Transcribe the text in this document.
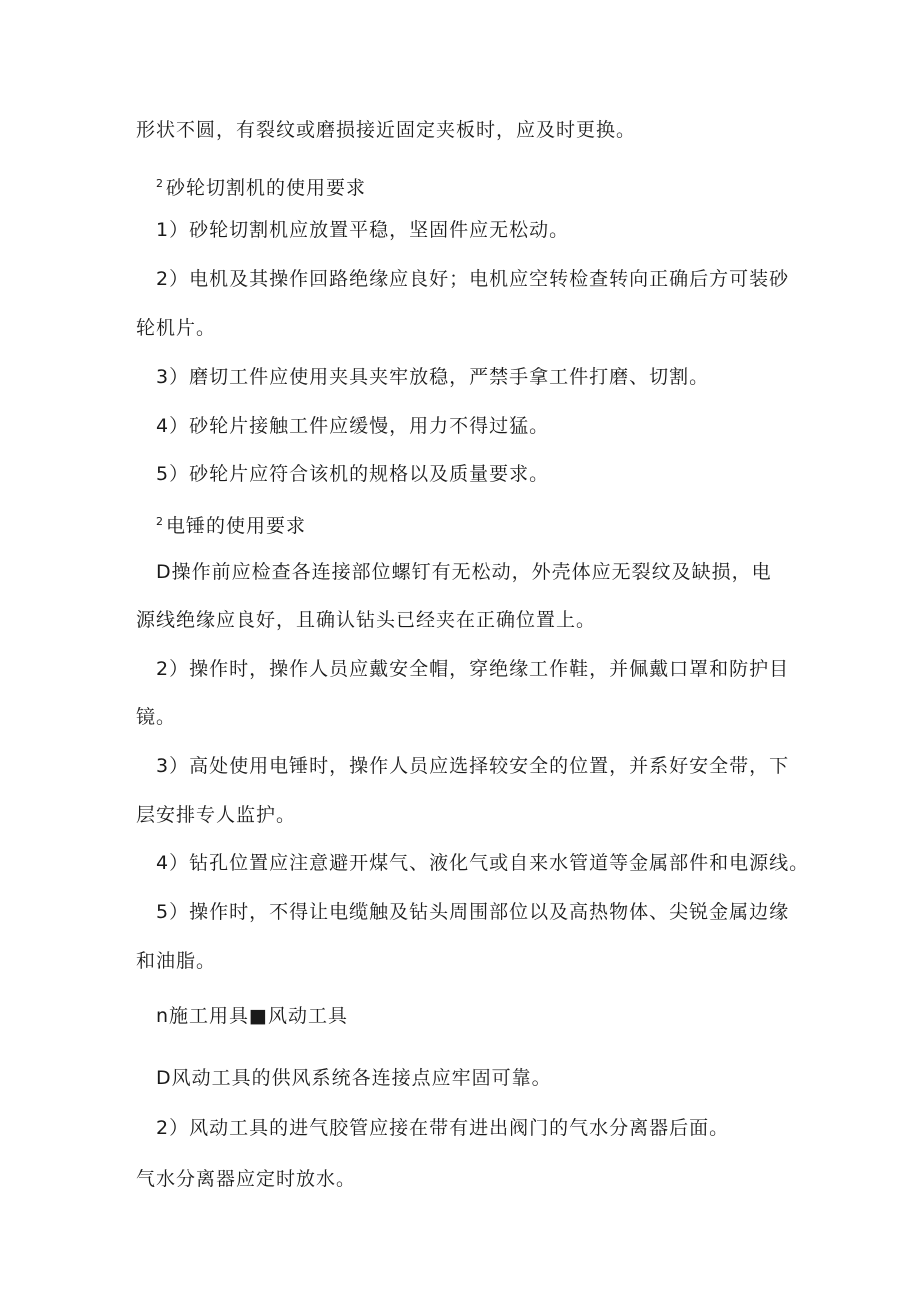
形状不圆，有裂纹或磨损接近固定夹板时，应及时更换。
$^2$ 砂轮切割机的使用要求
1）砂轮切割机应放置平稳，坚固件应无松动。
2）电机及其操作回路绝缘应良好；电机应空转检查转向正确后方可装砂
轮机片。
3）磨切工件应使用夹具夹牢放稳，严禁手拿工件打磨、切割。
4）砂轮片接触工件应缓慢，用力不得过猛。
5）砂轮片应符合该机的规格以及质量要求。
$^2$ 电锤的使用要求
D操作前应检查各连接部位螺钉有无松动，外壳体应无裂纹及缺损，电
源线绝缘应良好，且确认钻头已经夹在正确位置上。
2）操作时，操作人员应戴安全帽，穿绝缘工作鞋，并佩戴口罩和防护目
镜。
3）高处使用电锤时，操作人员应选择较安全的位置，并系好安全带，下
层安排专人监护。
4）钻孔位置应注意避开煤气、液化气或自来水管道等金属部件和电源线。
5）操作时，不得让电缆触及钻头周围部位以及高热物体、尖锐金属边缘
和油脂。
n施工用具■风动工具
D风动工具的供风系统各连接点应牢固可靠。
2）风动工具的进气胶管应接在带有进出阀门的气水分离器后面。
气水分离器应定时放水。
